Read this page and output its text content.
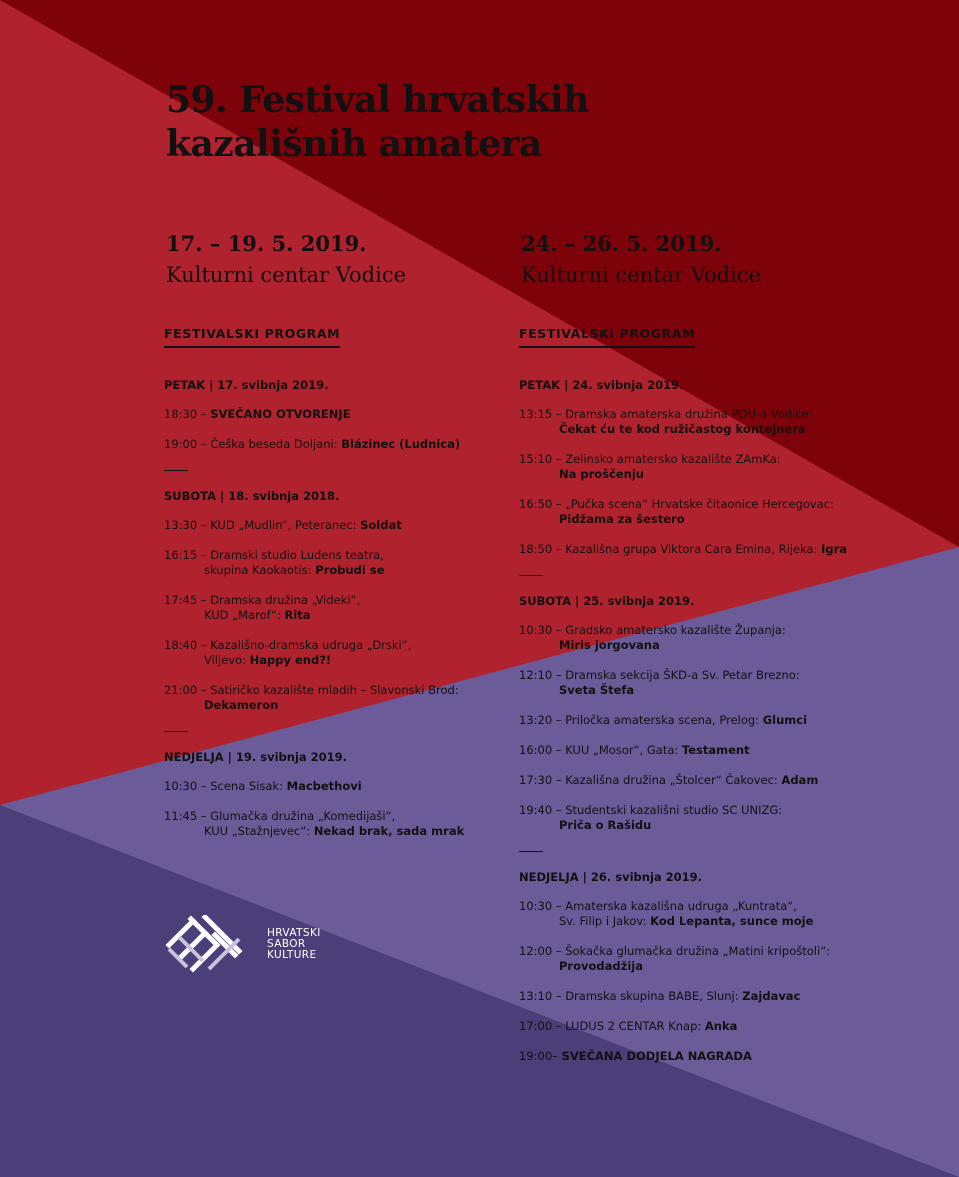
59. Festival hrvatskih
kazališnih amatera
17. – 19. 5. 2019.
Kulturni centar Vodice
FESTIVALSKI PROGRAM
PETAK | 17. svibnja 2019.
18:30 – SVEČANO OTVORENJE
19:00 – Češka beseda Doljani: Blázinec (Ludnica)
SUBOTA | 18. svibnja 2018.
13:30 – KUD „Mudlin“, Peteranec: Soldat
16:15 – Dramski studio Ludens teatra,
skupina Kaokaotis: Probudi se
17:45 – Dramska družina „Videki“,
KUD „Marof“: Rita
18:40 – Kazališno-dramska udruga „Drski“,
Viljevo: Happy end?!
21:00 – Satiričko kazalište mladih – Slavonski Brod:
Dekameron
NEDJELJA | 19. svibnja 2019.
10:30 – Scena Sisak: Macbethovi
11:45 – Glumačka družina „Komedijaši“,
KUU „Stažnjevec“: Nekad brak, sada mrak
24. – 26. 5. 2019.
Kulturni centar Vodice
FESTIVALSKI PROGRAM
PETAK | 24. svibnja 2019.
13:15 – Dramska amaterska družina POU-a Vodice:
Čekat ću te kod ružičastog kontejnera
15:10 – Zelinsko amatersko kazalište ZAmKa:
Na proščenju
16:50 – „Pučka scena“ Hrvatske čitaonice Hercegovac:
Pidžama za šestero
18:50 – Kazališna grupa Viktora Cara Emina, Rijeka: Igra
SUBOTA | 25. svibnja 2019.
10:30 – Gradsko amatersko kazalište Županja:
Miris jorgovana
12:10 – Dramska sekcija ŠKD-a Sv. Petar Brezno:
Sveta Štefa
13:20 – Priločka amaterska scena, Prelog: Glumci
16:00 – KUU „Mosor“, Gata: Testament
17:30 – Kazališna družina „Štolcer“ Čakovec: Adam
19:40 – Studentski kazališni studio SC UNIZG:
Priča o Rašidu
NEDJELJA | 26. svibnja 2019.
10:30 – Amaterska kazališna udruga „Kuntrata“,
Sv. Filip i Jakov: Kod Lepanta, sunce moje
12:00 – Šokačka glumačka družina „Matini kripoštoli“:
Provodadžija
13:10 – Dramska skupina BABE, Slunj: Zajdavac
17:00 – LUDUS 2 CENTAR Knap: Anka
19:00– SVEČANA DODJELA NAGRADA
HRVATSKI
SABOR
KULTURE
